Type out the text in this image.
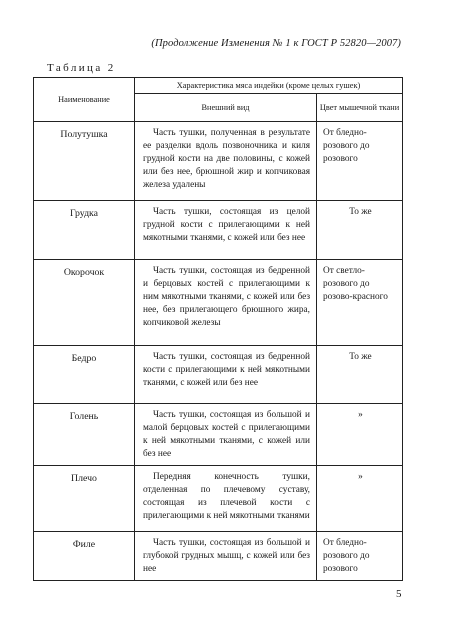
(Продолжение Изменения № 1 к ГОСТ Р 52820—2007)
Таблица 2
Наименование	Характеристика мяса индейки (кроме целых гушек)	
	Внешний вид	Цвет мышечной ткани
Полутушка	Часть тушки, полученная в результате ее разделки вдоль позвоночника и киля грудной кости на две половины, с кожей или без нее, брюшной жир и копчиковая железа удалены	От бледно-розового до розового
Грудка	Часть тушки, состоящая из целой грудной кости с прилегающими к ней мякотными тканями, с кожей или без нее	То же
Окорочок	Часть тушки, состоящая из бедренной и берцовых костей с прилегающими к ним мякотными тканями, с кожей или без нее, без прилегающего брюшного жира, копчиковой железы	От светло-розового до розово-красного
Бедро	Часть тушки, состоящая из бедренной кости с прилегающими к ней мякотными тканями, с кожей или без нее	То же
Голень	Часть тушки, состоящая из большой и малой берцовых костей с прилегающими к ней мякотными тканями, с кожей или без нее	»
Плечо	Передняя конечность тушки, отделенная по плечевому суставу, состоящая из плечевой кости с прилегающими к ней мякотными тканями	»
Филе	Часть тушки, состоящая из большой и глубокой грудных мышц, с кожей или без нее	От бледно-розового до розового
5
